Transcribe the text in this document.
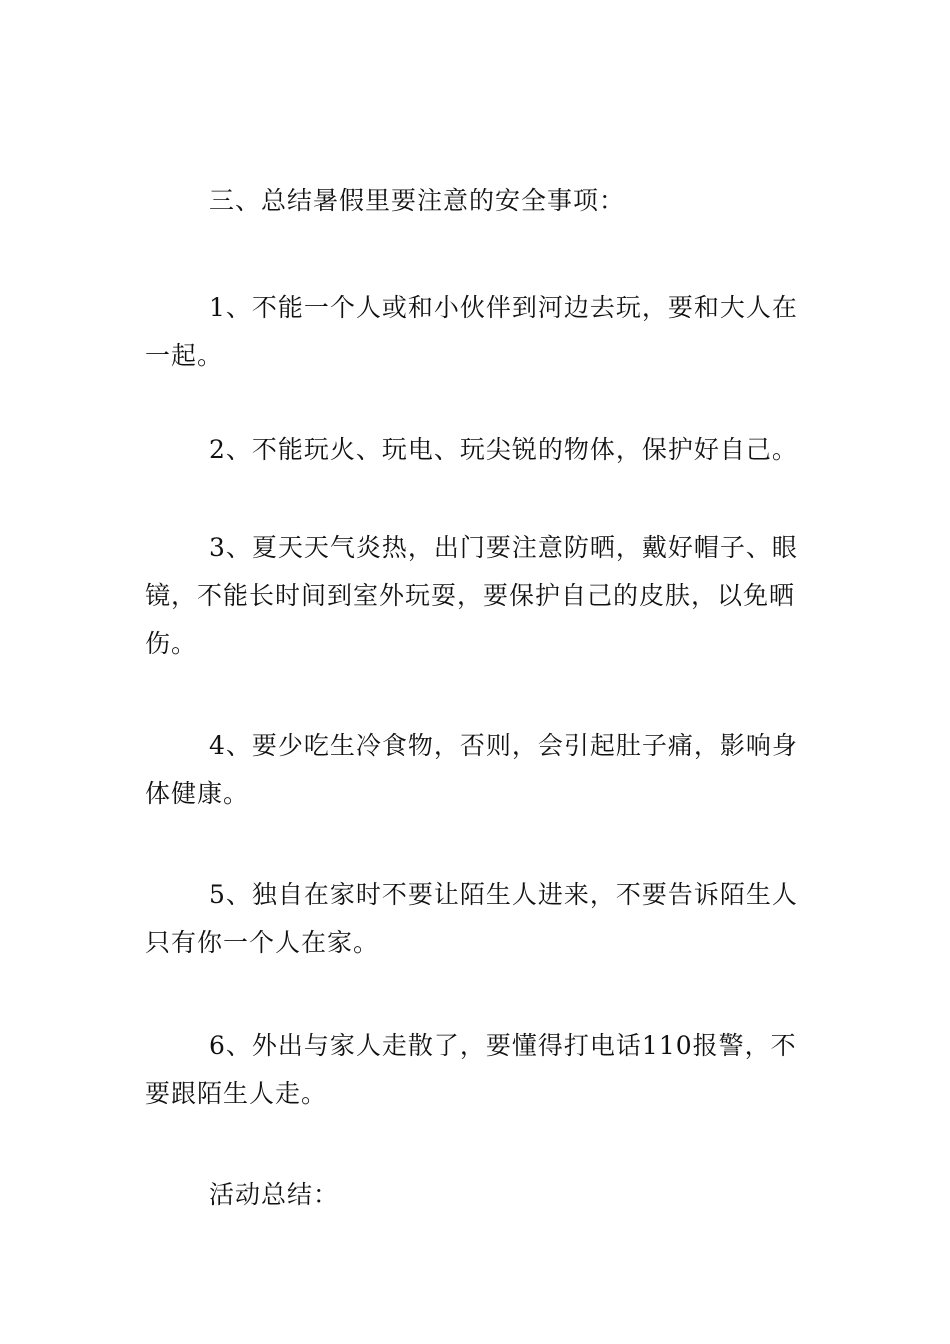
三、总结暑假里要注意的安全事项：

1、不能一个人或和小伙伴到河边去玩，要和大人在一起。

2、不能玩火、玩电、玩尖锐的物体，保护好自己。

3、夏天天气炎热，出门要注意防晒，戴好帽子、眼镜，不能长时间到室外玩耍，要保护自己的皮肤，以免晒伤。

4、要少吃生冷食物，否则，会引起肚子痛，影响身体健康。

5、独自在家时不要让陌生人进来，不要告诉陌生人只有你一个人在家。

6、外出与家人走散了，要懂得打电话110报警，不要跟陌生人走。

活动总结：
